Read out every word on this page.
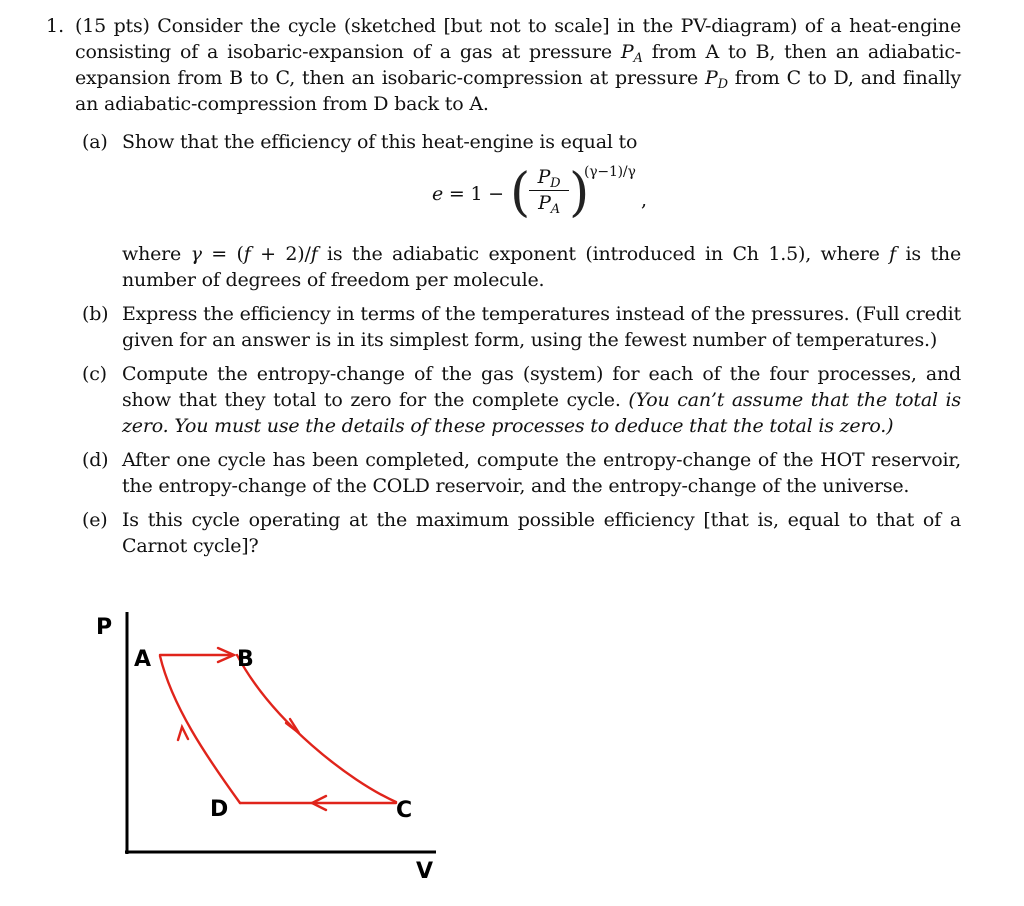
1. (15 pts) Consider the cycle (sketched [but not to scale] in the PV-diagram) of a heat-engine consisting of a isobaric-expansion of a gas at pressure $P_A$ from A to B, then an adiabatic-expansion from B to C, then an isobaric-compression at pressure $P_D$ from C to D, and finally an adiabatic-compression from D back to A.
(a) Show that the efficiency of this heat-engine is equal to
e = 1 − (
$\frac{P_D}{P_A}$ )
(γ−1)/γ
,
where γ = (f + 2)/f is the adiabatic exponent (introduced in Ch 1.5), where f is the number of degrees of freedom per molecule.
(b) Express the efficiency in terms of the temperatures instead of the pressures. (Full credit given for an answer is in its simplest form, using the fewest number of temperatures.)
(c) Compute the entropy-change of the gas (system) for each of the four processes, and show that they total to zero for the complete cycle. (You can’t assume that the total is zero. You must use the details of these processes to deduce that the total is zero.)
(d) After one cycle has been completed, compute the entropy-change of the HOT reservoir, the entropy-change of the COLD reservoir, and the entropy-change of the universe.
(e) Is this cycle operating at the maximum possible efficiency [that is, equal to that of a Carnot cycle]?
P
V
A	B
C
D
